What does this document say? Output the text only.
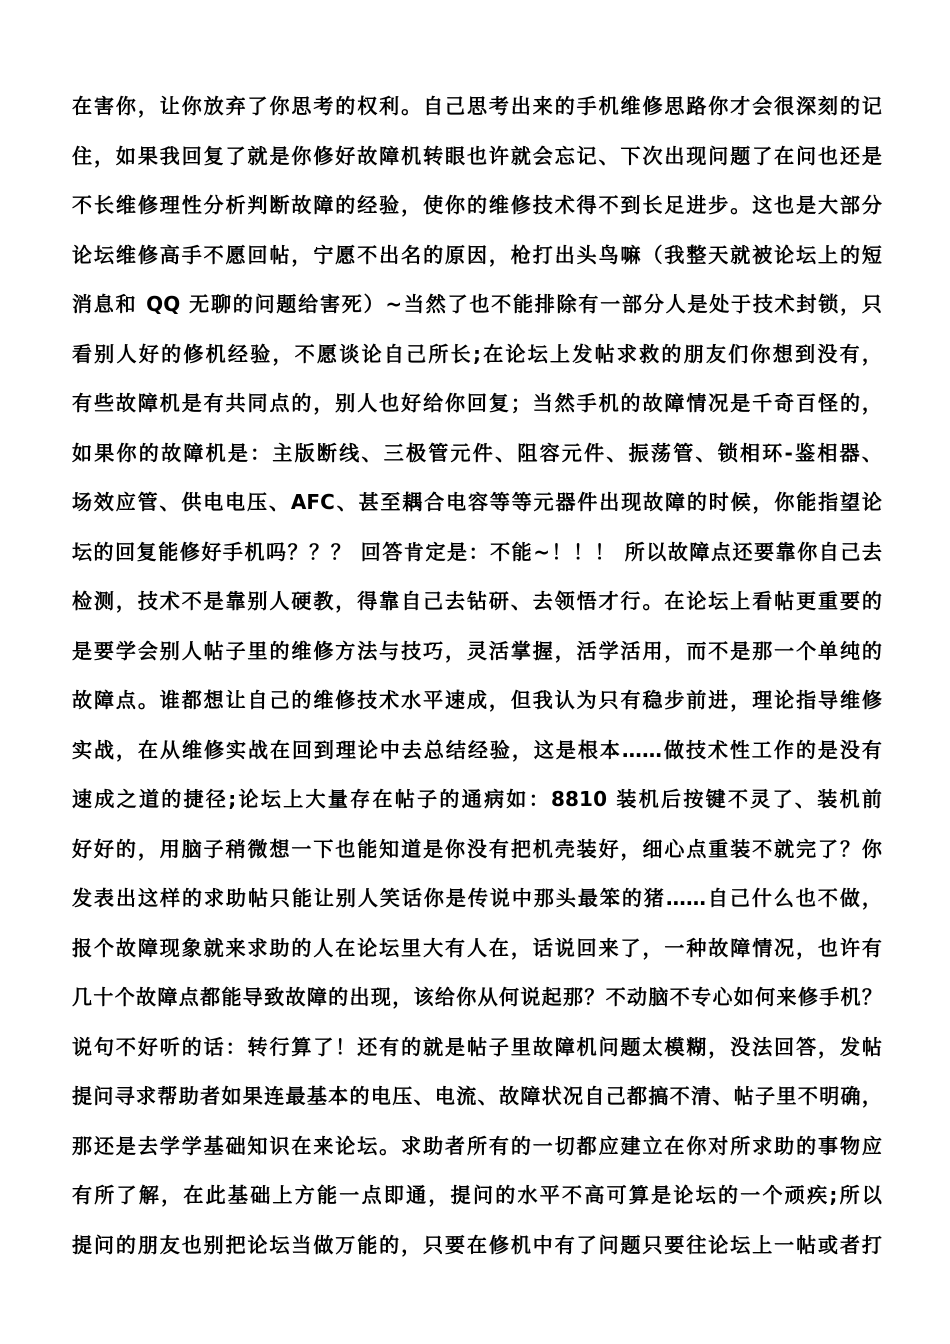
在害你，让你放弃了你思考的权利。自己思考出来的手机维修思路你才会很深刻的记
住，如果我回复了就是你修好故障机转眼也许就会忘记、下次出现问题了在问也还是
不长维修理性分析判断故障的经验，使你的维修技术得不到长足进步。这也是大部分
论坛维修高手不愿回帖，宁愿不出名的原因，枪打出头鸟嘛（我整天就被论坛上的短
消息和 QQ 无聊的问题给害死）~当然了也不能排除有一部分人是处于技术封锁，只
看别人好的修机经验，不愿谈论自己所长;在论坛上发帖求救的朋友们你想到没有，
有些故障机是有共同点的，别人也好给你回复；当然手机的故障情况是千奇百怪的，
如果你的故障机是：主版断线、三极管元件、阻容元件、振荡管、锁相环-鉴相器、
场效应管、供电电压、AFC、甚至耦合电容等等元器件出现故障的时候，你能指望论
坛的回复能修好手机吗？？？ 回答肯定是：不能~！！！ 所以故障点还要靠你自己去
检测，技术不是靠别人硬教，得靠自己去钻研、去领悟才行。在论坛上看帖更重要的
是要学会别人帖子里的维修方法与技巧，灵活掌握，活学活用，而不是那一个单纯的
故障点。谁都想让自己的维修技术水平速成，但我认为只有稳步前进，理论指导维修
实战，在从维修实战在回到理论中去总结经验，这是根本……做技术性工作的是没有
速成之道的捷径;论坛上大量存在帖子的通病如：8810 装机后按键不灵了、装机前
好好的，用脑子稍微想一下也能知道是你没有把机壳装好，细心点重装不就完了？你
发表出这样的求助帖只能让别人笑话你是传说中那头最笨的猪……自己什么也不做，
报个故障现象就来求助的人在论坛里大有人在，话说回来了，一种故障情况，也许有
几十个故障点都能导致故障的出现，该给你从何说起那？不动脑不专心如何来修手机？
说句不好听的话：转行算了！还有的就是帖子里故障机问题太模糊，没法回答，发帖
提问寻求帮助者如果连最基本的电压、电流、故障状况自己都搞不清、帖子里不明确，
那还是去学学基础知识在来论坛。求助者所有的一切都应建立在你对所求助的事物应
有所了解，在此基础上方能一点即通，提问的水平不高可算是论坛的一个顽疾;所以
提问的朋友也别把论坛当做万能的，只要在修机中有了问题只要往论坛上一帖或者打
